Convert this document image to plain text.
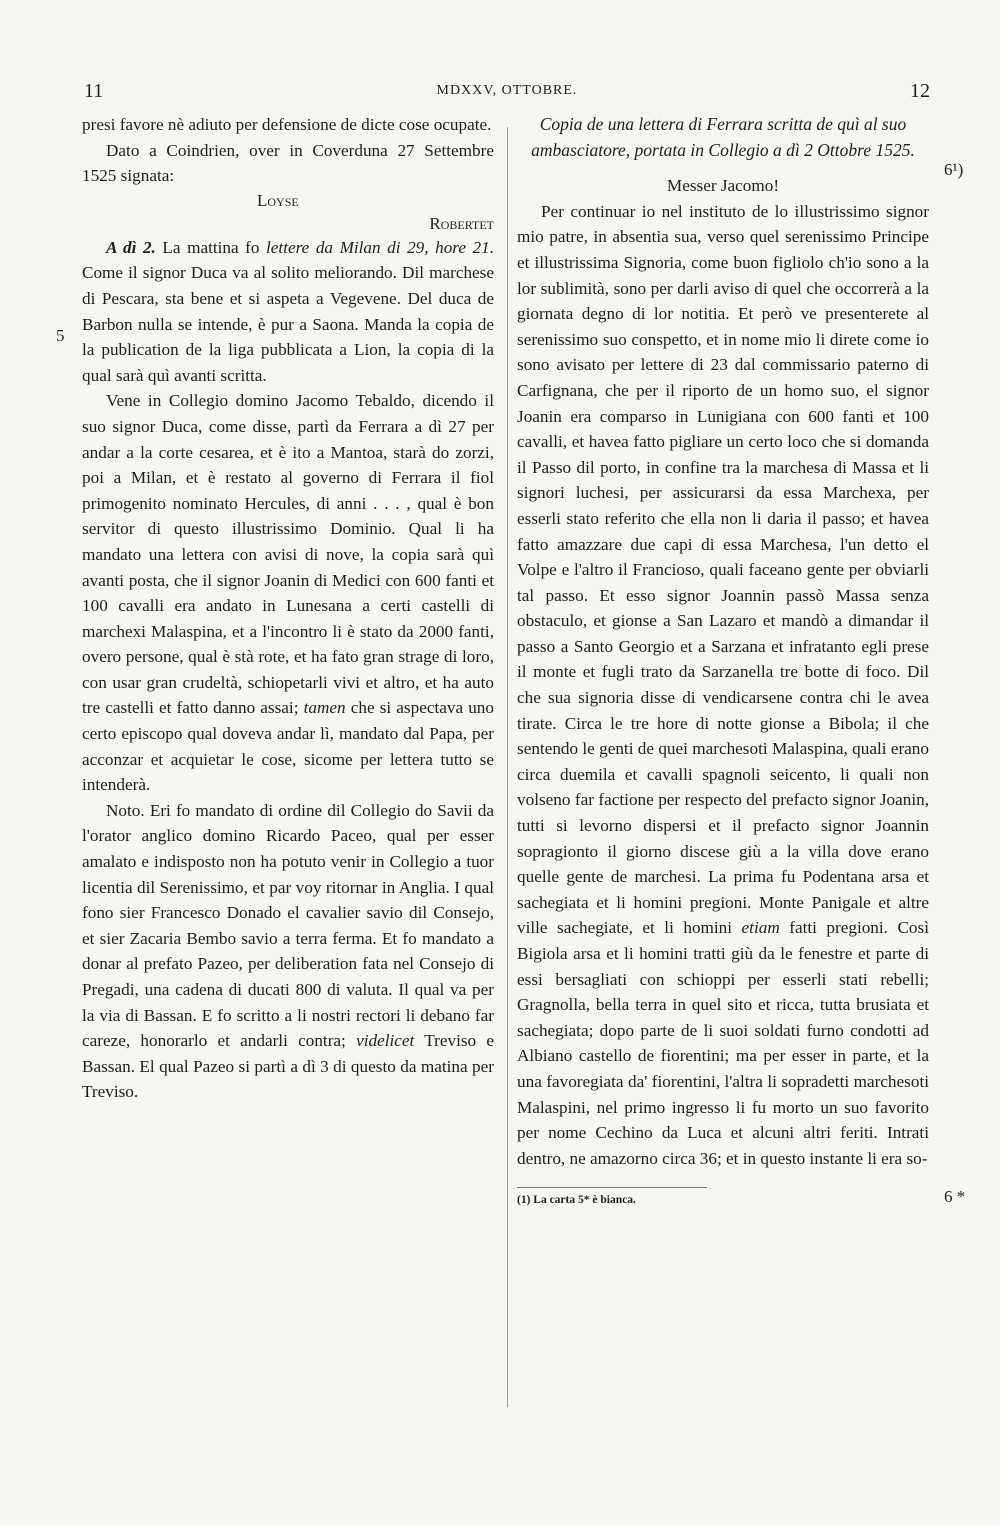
11	MDXXV, OTTOBRE.	12
5
6¹)
6 *

presi favore nè adiuto per defensione de dicte cose ocupate.

Dato a Coindrien, over in Coverduna 27 Settembre 1525 signata:

Loyse
Robertet

A dì 2. La mattina fo lettere da Milan di 29, hore 21. Come il signor Duca va al solito meliorando. Dil marchese di Pescara, sta bene et si aspeta a Vegevene. Del duca de Barbon nulla se intende, è pur a Saona. Manda la copia de la publication de la liga pubblicata a Lion, la copia di la qual sarà quì avanti scritta.

Vene in Collegio domino Jacomo Tebaldo, dicendo il suo signor Duca, come disse, partì da Ferrara a dì 27 per andar a la corte cesarea, et è ito a Mantoa, starà do zorzi, poi a Milan, et è restato al governo di Ferrara il fiol primogenito nominato Hercules, di anni . . . , qual è bon servitor di questo illustrissimo Dominio. Qual li ha mandato una lettera con avisi di nove, la copia sarà quì avanti posta, che il signor Joanin di Medici con 600 fanti et 100 cavalli era andato in Lunesana a certi castelli di marchexi Malaspina, et a l'incontro li è stato da 2000 fanti, overo persone, qual è stà rote, et ha fato gran strage di loro, con usar gran crudeltà, schiopetarli vivi et altro, et ha auto tre castelli et fatto danno assai; tamen che si aspectava uno certo episcopo qual doveva andar lì, mandato dal Papa, per acconzar et acquietar le cose, sicome per lettera tutto se intenderà.

Noto. Eri fo mandato di ordine dil Collegio do Savii da l'orator anglico domino Ricardo Paceo, qual per esser amalato e indisposto non ha potuto venir in Collegio a tuor licentia dil Serenissimo, et par voy ritornar in Anglia. I qual fono sier Francesco Donado el cavalier savio dil Consejo, et sier Zacaria Bembo savio a terra ferma. Et fo mandato a donar al prefato Pazeo, per deliberation fata nel Consejo di Pregadi, una cadena di ducati 800 di valuta. Il qual va per la via di Bassan. E fo scritto a li nostri rectori li debano far careze, honorarlo et andarli contra; videlicet Treviso e Bassan. El qual Pazeo si partì a dì 3 di questo da matina per Treviso.

Copia de una lettera di Ferrara scritta de quì al suo ambasciatore, portata in Collegio a dì 2 Ottobre 1525.
Messer Jacomo!

Per continuar io nel instituto de lo illustrissimo signor mio patre, in absentia sua, verso quel serenissimo Principe et illustrissima Signoria, come buon figliolo ch'io sono a la lor sublimità, sono per darli aviso di quel che occorrerà a la giornata degno di lor notitia. Et però ve presenterete al serenissimo suo conspetto, et in nome mio li direte come io sono avisato per lettere di 23 dal commissario paterno di Carfignana, che per il riporto de un homo suo, el signor Joanin era comparso in Lunigiana con 600 fanti et 100 cavalli, et havea fatto pigliare un certo loco che si domanda il Passo dil porto, in confine tra la marchesa di Massa et li signori luchesi, per assicurarsi da essa Marchexa, per esserli stato referito che ella non li daria il passo; et havea fatto amazzare due capi di essa Marchesa, l'un detto el Volpe e l'altro il Francioso, quali faceano gente per obviarli tal passo. Et esso signor Joannin passò Massa senza obstaculo, et gionse a San Lazaro et mandò a dimandar il passo a Santo Georgio et a Sarzana et infratanto egli prese il monte et fugli trato da Sarzanella tre botte di foco. Dil che sua signoria disse di vendicarsene contra chi le avea tirate. Circa le tre hore di notte gionse a Bibola; il che sentendo le genti de quei marchesoti Malaspina, quali erano circa duemila et cavalli spagnoli seicento, li quali non volseno far factione per respecto del prefacto signor Joanin, tutti si levorno dispersi et il prefacto signor Joannin sopragionto il giorno discese giù a la villa dove erano quelle gente de marchesi. La prima fu Podentana arsa et sachegiata et li homini pregioni. Monte Panigale et altre ville sachegiate, et li homini etiam fatti pregioni. Così Bigiola arsa et li homini tratti giù da le fenestre et parte di essi bersagliati con schioppi per esserli stati rebelli; Gragnolla, bella terra in quel sito et ricca, tutta brusiata et sachegiata; dopo parte de li suoi soldati furno condotti ad Albiano castello de fiorentini; ma per esser in parte, et la una favoregiata da' fiorentini, l'altra li sopradetti marchesoti Malaspini, nel primo ingresso li fu morto un suo favorito per nome Cechino da Luca et alcuni altri feriti. Intrati dentro, ne amazorno circa 36; et in questo instante li era so-

(1) La carta 5* è bianca.
